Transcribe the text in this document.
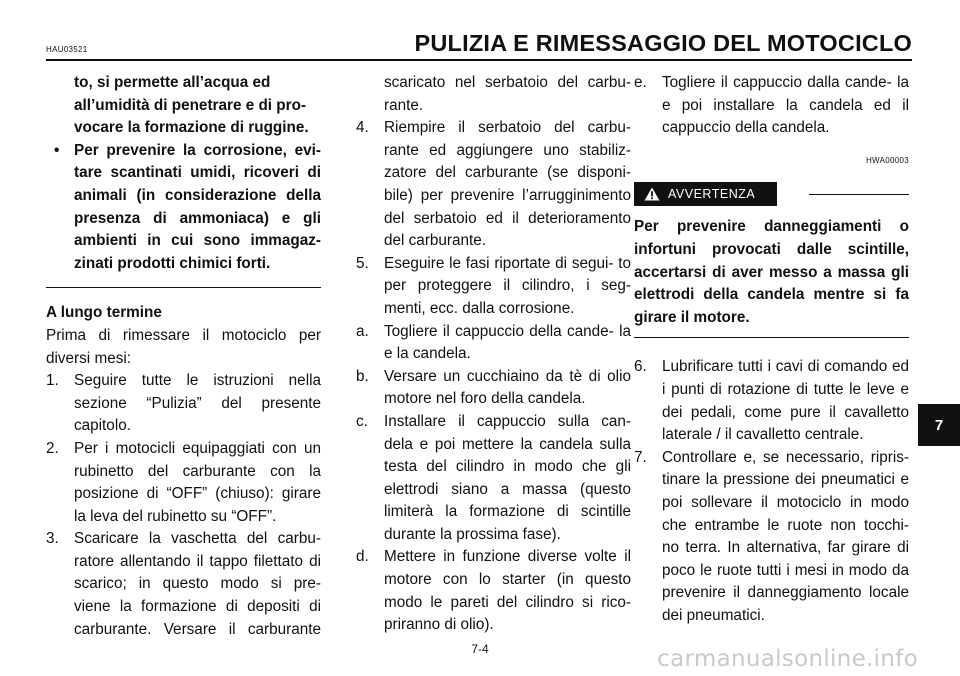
HAU03521	PULIZIA E RIMESSAGGIO DEL MOTOCICLO
to, si permette all’acqua ed
all’umidità di penetrare e di pro-
vocare la formazione di ruggine.
• Per prevenire la corrosione, evi- tare scantinati umidi, ricoveri di animali (in considerazione della presenza di ammoniaca) e gli ambienti in cui sono immagaz- zinati prodotti chimici forti.
A lungo termine
Prima di rimessare il motociclo per diversi mesi:
1. Seguire tutte le istruzioni nella sezione “Pulizia” del presente capitolo.
2. Per i motocicli equipaggiati con un rubinetto del carburante con la posizione di “OFF” (chiuso): girare la leva del rubinetto su “OFF”.
3. Scaricare la vaschetta del carbu- ratore allentando il tappo filettato di scarico; in questo modo si pre- viene la formazione di depositi di carburante. Versare il carburante
scaricato nel serbatoio del carbu- rante.
4. Riempire il serbatoio del carbu- rante ed aggiungere uno stabiliz- zatore del carburante (se disponi- bile) per prevenire l’arrugginimento del serbatoio ed il deterioramento del carburante.
5. Eseguire le fasi riportate di segui- to per proteggere il cilindro, i seg- menti, ecc. dalla corrosione.
a. Togliere il cappuccio della cande- la e la candela.
b. Versare un cucchiaino da tè di olio motore nel foro della candela.
c. Installare il cappuccio sulla can- dela e poi mettere la candela sulla testa del cilindro in modo che gli elettrodi siano a massa (questo limiterà la formazione di scintille durante la prossima fase).
d. Mettere in funzione diverse volte il motore con lo starter (in questo modo le pareti del cilindro si rico- priranno di olio).
e. Togliere il cappuccio dalla cande- la e poi installare la candela ed il cappuccio della candela.
HWA00003
AVVERTENZA
Per prevenire danneggiamenti o infortuni provocati dalle scintille, accertarsi di aver messo a massa gli elettrodi della candela mentre si fa girare il motore.
6. Lubrificare tutti i cavi di comando ed i punti di rotazione di tutte le leve e dei pedali, come pure il cavalletto laterale / il cavalletto centrale.
7. Controllare e, se necessario, ripris- tinare la pressione dei pneumatici e poi sollevare il motociclo in modo che entrambe le ruote non tocchi- no terra. In alternativa, far girare di poco le ruote tutti i mesi in modo da prevenire il danneggiamento locale dei pneumatici.
7
7-4	carmanualsonline.info
